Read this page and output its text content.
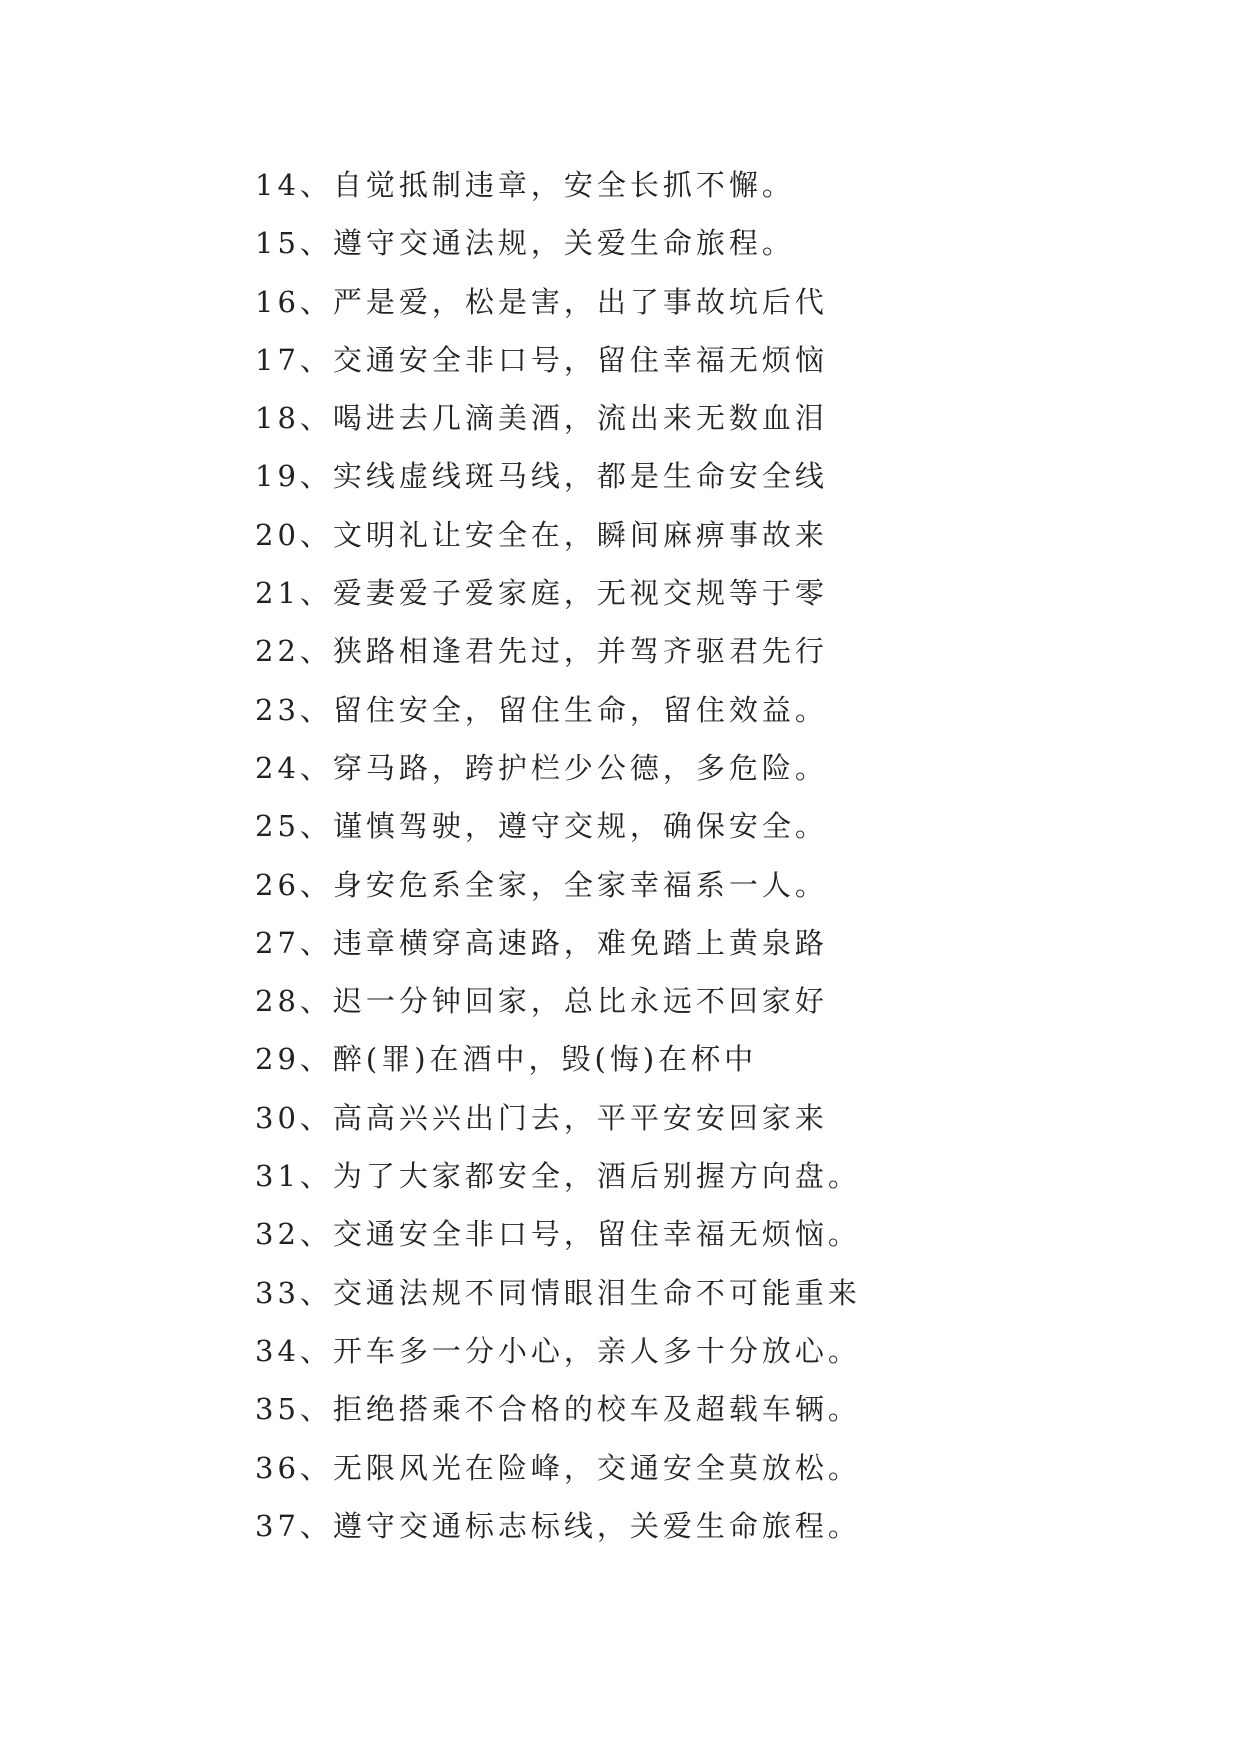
14、自觉抵制违章，安全长抓不懈。
15、遵守交通法规，关爱生命旅程。
16、严是爱，松是害，出了事故坑后代
17、交通安全非口号，留住幸福无烦恼
18、喝进去几滴美酒，流出来无数血泪
19、实线虚线斑马线，都是生命安全线
20、文明礼让安全在，瞬间麻痹事故来
21、爱妻爱子爱家庭，无视交规等于零
22、狭路相逢君先过，并驾齐驱君先行
23、留住安全，留住生命，留住效益。
24、穿马路，跨护栏少公德，多危险。
25、谨慎驾驶，遵守交规，确保安全。
26、身安危系全家，全家幸福系一人。
27、违章横穿高速路，难免踏上黄泉路
28、迟一分钟回家，总比永远不回家好
29、醉(罪)在酒中，毁(悔)在杯中
30、高高兴兴出门去，平平安安回家来
31、为了大家都安全，酒后别握方向盘。
32、交通安全非口号，留住幸福无烦恼。
33、交通法规不同情眼泪生命不可能重来
34、开车多一分小心，亲人多十分放心。
35、拒绝搭乘不合格的校车及超载车辆。
36、无限风光在险峰，交通安全莫放松。
37、遵守交通标志标线，关爱生命旅程。
